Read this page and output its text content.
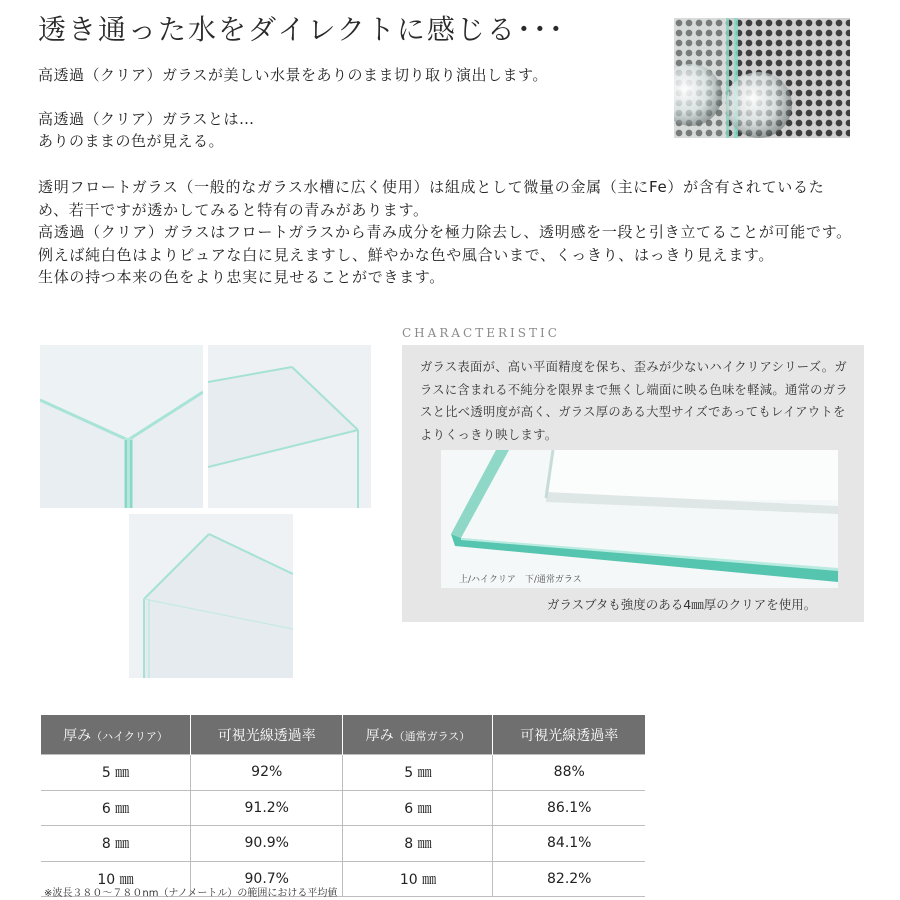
透き通った水をダイレクトに感じる･･･
高透過（クリア）ガラスが美しい水景をありのまま切り取り演出します。
高透過（クリア）ガラスとは…
ありのままの色が見える。

透明フロートガラス（一般的なガラス水槽に広く使用）は組成として微量の金属（主にFe）が含有されているため、若干ですが透かしてみると特有の青みがあります。

高透過（クリア）ガラスはフロートガラスから青み成分を極力除去し、透明感を一段と引き立てることが可能です。

例えば純白色はよりピュアな白に見えますし、鮮やかな色や風合いまで、くっきり、はっきり見えます。

生体の持つ本来の色をより忠実に見せることができます。

CHARACTERISTIC
ガラス表面が、高い平面精度を保ち、歪みが少ないハイクリアシリーズ。ガラスに含まれる不純分を限界まで無くし端面に映る色味を軽減。通常のガラスと比べ透明度が高く、ガラス厚のある大型サイズであってもレイアウトをよりくっきり映します。
上/ハイクリア　下/通常ガラス
ガラスブタも強度のある4㎜厚のクリアを使用。
厚み（ハイクリア）	可視光線透過率	厚み（通常ガラス）	可視光線透過率
5 ㎜	92%	5 ㎜	88%
6 ㎜	91.2%	6 ㎜	86.1%
8 ㎜	90.9%	8 ㎜	84.1%
10 ㎜	90.7%	10 ㎜	82.2%
※波長３８０～７８０nm（ナノメートル）の範囲における平均値
